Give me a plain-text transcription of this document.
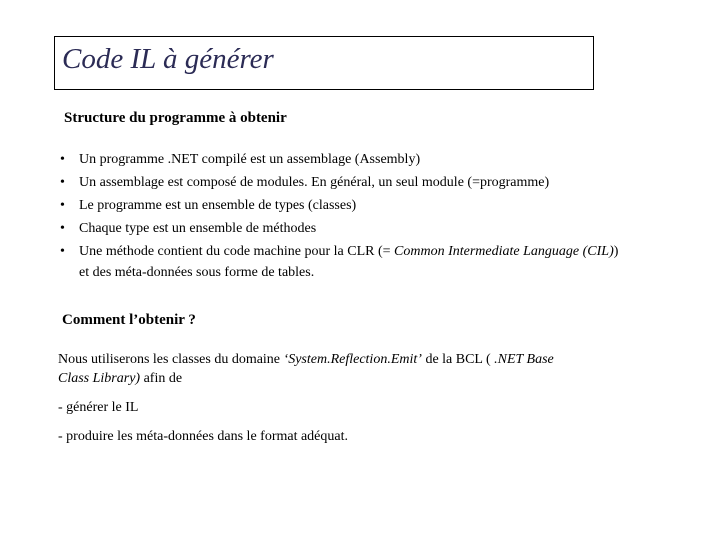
Code IL à générer
Structure du programme à obtenir
• Un programme .NET compilé est un assemblage (Assembly)
• Un assemblage est composé de modules. En général, un seul module (=programme)
• Le programme est un ensemble de types (classes)
• Chaque type est un ensemble de méthodes
• Une méthode contient du code machine pour la CLR (= Common Intermediate Language (CIL))
et des méta-données sous forme de tables.
Comment l’obtenir ?
Nous utiliserons les classes du domaine ‘System.Reflection.Emit’ de la BCL ( .NET Base
Class Library) afin de
- générer le IL
- produire les méta-données dans le format adéquat.
